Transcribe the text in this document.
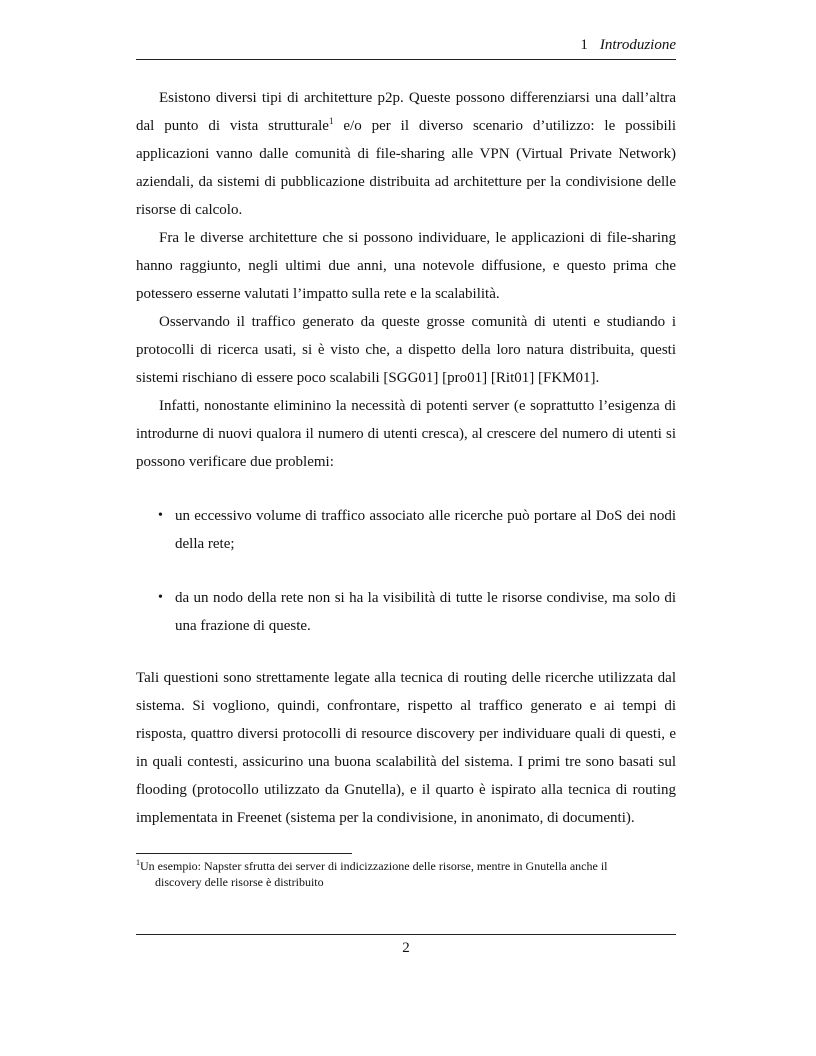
1 Introduzione

Esistono diversi tipi di architetture p2p. Queste possono differenziarsi una dall’altra dal punto di vista strutturale$^1$ e/o per il diverso scenario d’utilizzo: le possibili applicazioni vanno dalle comunità di file-sharing alle VPN (Virtual Private Network) aziendali, da sistemi di pubblicazione distribuita ad architetture per la condivisione delle risorse di calcolo.

Fra le diverse architetture che si possono individuare, le applicazioni di file-sharing hanno raggiunto, negli ultimi due anni, una notevole diffusione, e questo prima che potessero esserne valutati l’impatto sulla rete e la scalabilità.

Osservando il traffico generato da queste grosse comunità di utenti e studiando i protocolli di ricerca usati, si è visto che, a dispetto della loro natura distribuita, questi sistemi rischiano di essere poco scalabili [SGG01] [pro01] [Rit01] [FKM01].

Infatti, nonostante eliminino la necessità di potenti server (e soprattutto l’esigenza di introdurne di nuovi qualora il numero di utenti cresca), al crescere del numero di utenti si possono verificare due problemi:

• un eccessivo volume di traffico associato alle ricerche può portare al DoS dei nodi della rete;
• da un nodo della rete non si ha la visibilità di tutte le risorse condivise, ma solo di una frazione di queste.

Tali questioni sono strettamente legate alla tecnica di routing delle ricerche utilizzata dal sistema. Si vogliono, quindi, confrontare, rispetto al traffico generato e ai tempi di risposta, quattro diversi protocolli di resource discovery per individuare quali di questi, e in quali contesti, assicurino una buona scalabilità del sistema. I primi tre sono basati sul flooding (protocollo utilizzato da Gnutella), e il quarto è ispirato alla tecnica di routing implementata in Freenet (sistema per la condivisione, in anonimato, di documenti).

$^1$Un esempio: Napster sfrutta dei server di indicizzazione delle risorse, mentre in Gnutella anche il
discovery delle risorse è distribuito
2
